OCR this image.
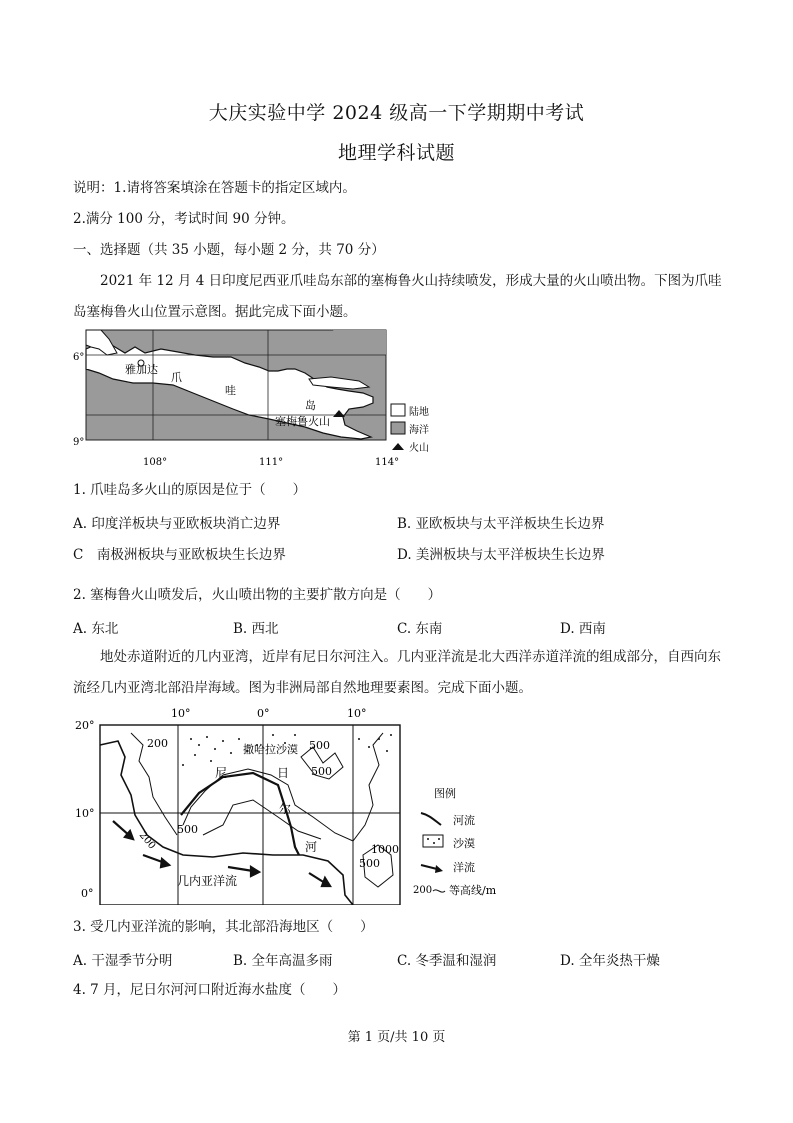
大庆实验中学 2024 级高一下学期期中考试
地理学科试题
说明：1.请将答案填涂在答题卡的指定区域内。
2.满分 100 分，考试时间 90 分钟。
一、选择题（共 35 小题，每小题 2 分，共 70 分）
2021 年 12 月 4 日印度尼西亚爪哇岛东部的塞梅鲁火山持续喷发，形成大量的火山喷出物。下图为爪哇岛塞梅鲁火山位置示意图。据此完成下面小题。
6°
9°
108°	111°	114°
雅加达
爪
哇
岛
塞梅鲁火山
陆地
海洋
火山
1. 爪哇岛多火山的原因是位于（　　）
A. 印度洋板块与亚欧板块消亡边界	B. 亚欧板块与太平洋板块生长边界
C　南极洲板块与亚欧板块生长边界	D. 美洲板块与太平洋板块生长边界
2. 塞梅鲁火山喷发后，火山喷出物的主要扩散方向是（　　）
A. 东北	B. 西北	C. 东南	D. 西南
地处赤道附近的几内亚湾，近岸有尼日尔河注入。几内亚洋流是北大西洋赤道洋流的组成部分，自西向东流经几内亚湾北部沿岸海域。图为非洲局部自然地理要素图。完成下面小题。
20°
10°
0°
10°	0°	10°
撒哈拉沙漠
200	500
500
500
500
1000
200
尼	日
尔
河
几内亚洋流
图例
河流
沙漠
洋流
200 等高线/m
3. 受几内亚洋流的影响，其北部沿海地区（　　）
A. 干湿季节分明	B. 全年高温多雨	C. 冬季温和湿润	D. 全年炎热干燥
4. 7 月，尼日尔河河口附近海水盐度（　　）
第 1 页/共 10 页
